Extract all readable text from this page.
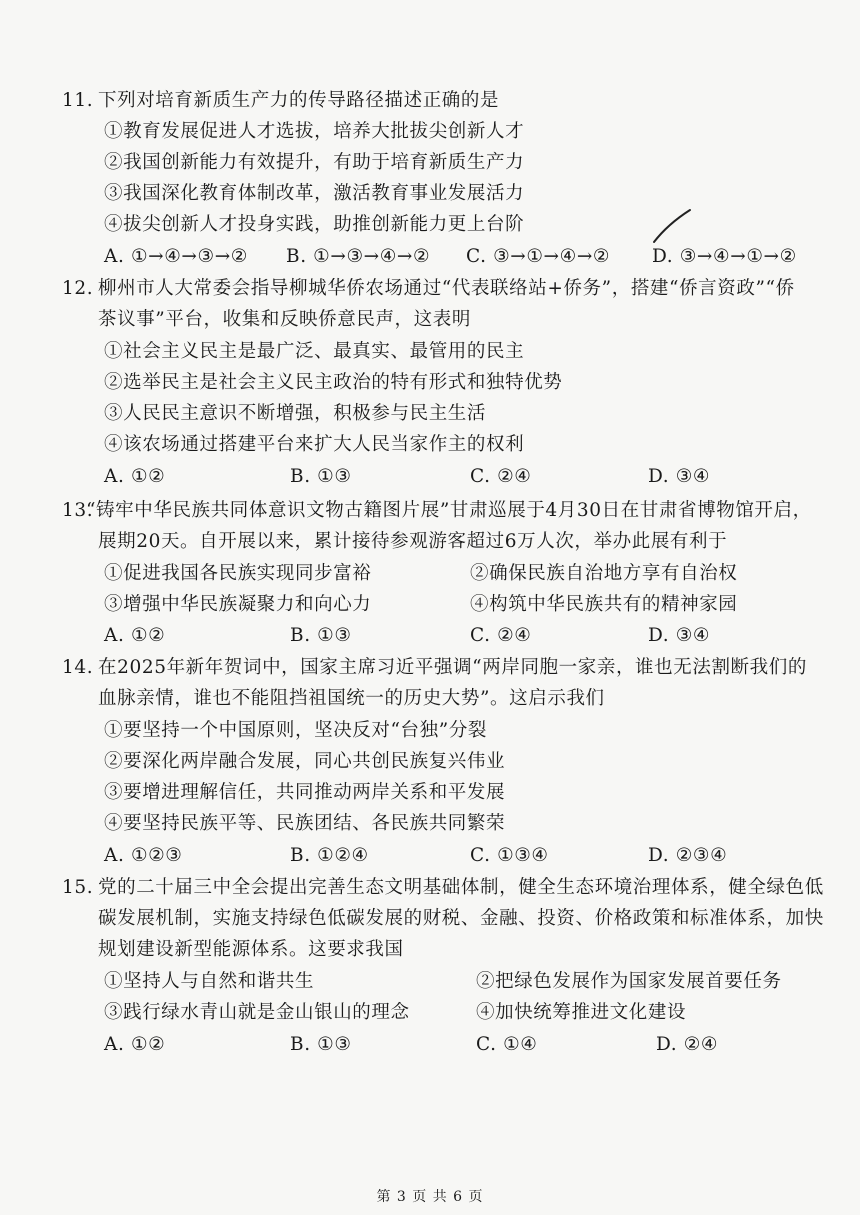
11. 下列对培育新质生产力的传导路径描述正确的是
①教育发展促进人才选拔，培养大批拔尖创新人才
②我国创新能力有效提升，有助于培育新质生产力
③我国深化教育体制改革，激活教育事业发展活力
④拔尖创新人才投身实践，助推创新能力更上台阶
A. ①→④→③→② B. ①→③→④→② C. ③→①→④→② D. ③→④→①→②
12. 柳州市人大常委会指导柳城华侨农场通过“代表联络站+侨务”，搭建“侨言资政”“侨
茶议事”平台，收集和反映侨意民声，这表明
①社会主义民主是最广泛、最真实、最管用的民主
②选举民主是社会主义民主政治的特有形式和独特优势
③人民民主意识不断增强，积极参与民主生活
④该农场通过搭建平台来扩大人民当家作主的权利
A. ①②	B. ①③	C. ②④	D. ③④
13.
“铸牢中华民族共同体意识文物古籍图片展”甘肃巡展于4月30日在甘肃省博物馆开启，
展期20天。自开展以来，累计接待参观游客超过6万人次，举办此展有利于
①促进我国各民族实现同步富裕	②确保民族自治地方享有自治权
③增强中华民族凝聚力和向心力	④构筑中华民族共有的精神家园
A. ①②	B. ①③	C. ②④	D. ③④
14. 在2025年新年贺词中，国家主席习近平强调“两岸同胞一家亲，谁也无法割断我们的
血脉亲情，谁也不能阻挡祖国统一的历史大势”。这启示我们
①要坚持一个中国原则，坚决反对“台独”分裂
②要深化两岸融合发展，同心共创民族复兴伟业
③要增进理解信任，共同推动两岸关系和平发展
④要坚持民族平等、民族团结、各民族共同繁荣
A. ①②③	B. ①②④	C. ①③④	D. ②③④
15. 党的二十届三中全会提出完善生态文明基础体制，健全生态环境治理体系，健全绿色低
碳发展机制，实施支持绿色低碳发展的财税、金融、投资、价格政策和标准体系，加快
规划建设新型能源体系。这要求我国
①坚持人与自然和谐共生	②把绿色发展作为国家发展首要任务
③践行绿水青山就是金山银山的理念	④加快统筹推进文化建设
A. ①②	B. ①③	C. ①④	D. ②④
第 3 页 共 6 页
